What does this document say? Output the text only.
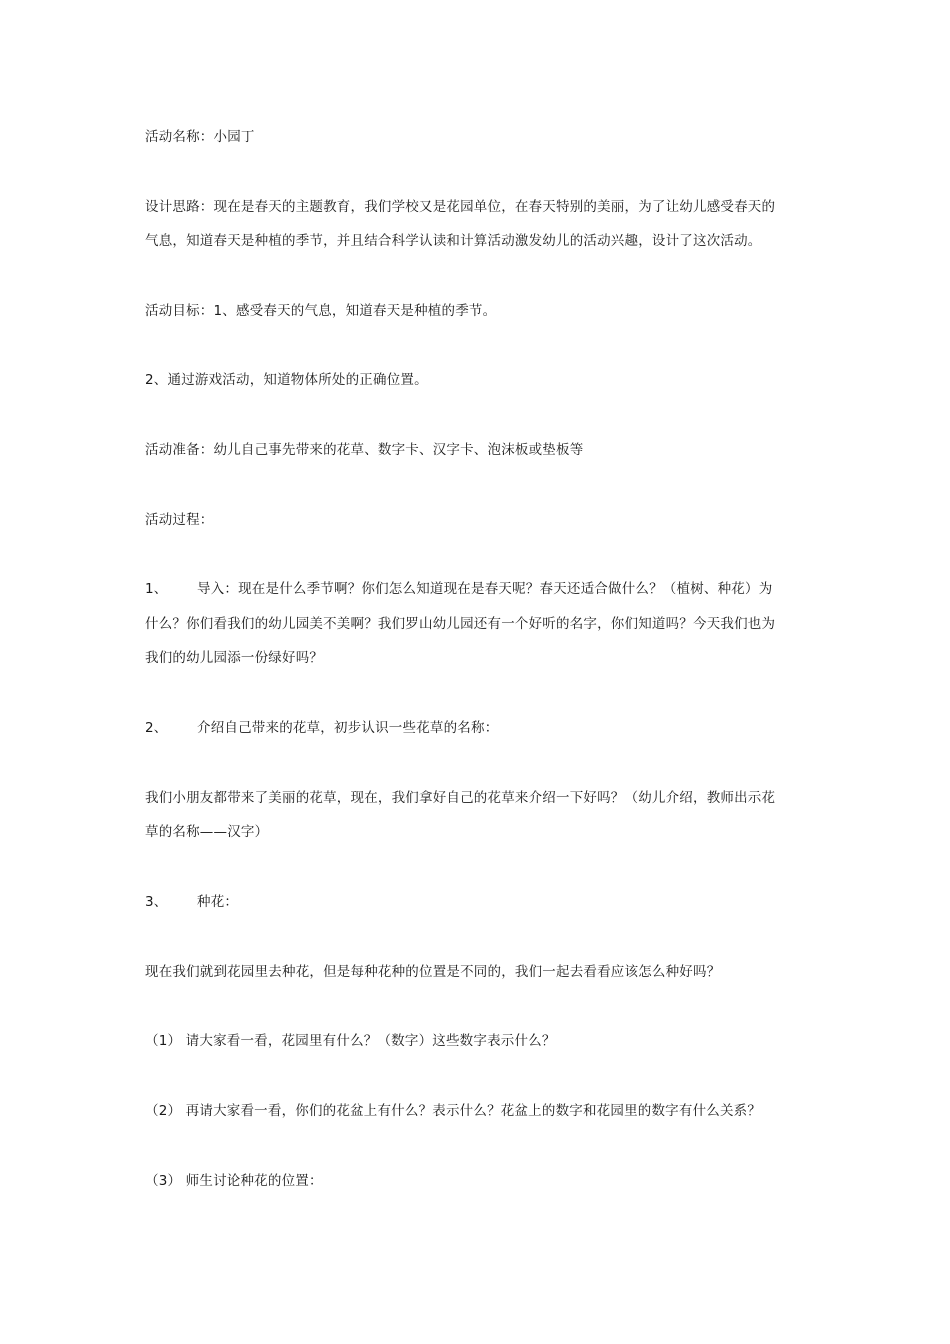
活动名称：小园丁
设计思路：现在是春天的主题教育，我们学校又是花园单位，在春天特别的美丽，为了让幼儿感受春天的
气息，知道春天是种植的季节，并且结合科学认读和计算活动激发幼儿的活动兴趣，设计了这次活动。
活动目标：1、感受春天的气息，知道春天是种植的季节。
2、通过游戏活动，知道物体所处的正确位置。
活动准备：幼儿自己事先带来的花草、数字卡、汉字卡、泡沫板或垫板等
活动过程：
1、 导入：现在是什么季节啊？你们怎么知道现在是春天呢？春天还适合做什么？（植树、种花）为
什么？你们看我们的幼儿园美不美啊？我们罗山幼儿园还有一个好听的名字，你们知道吗？今天我们也为
我们的幼儿园添一份绿好吗？
2、 介绍自己带来的花草，初步认识一些花草的名称：
我们小朋友都带来了美丽的花草，现在，我们拿好自己的花草来介绍一下好吗？（幼儿介绍，教师出示花
草的名称——汉字）
3、 种花：
现在我们就到花园里去种花，但是每种花种的位置是不同的，我们一起去看看应该怎么种好吗？
（1） 请大家看一看，花园里有什么？（数字）这些数字表示什么？
（2） 再请大家看一看，你们的花盆上有什么？表示什么？花盆上的数字和花园里的数字有什么关系？
（3） 师生讨论种花的位置：
